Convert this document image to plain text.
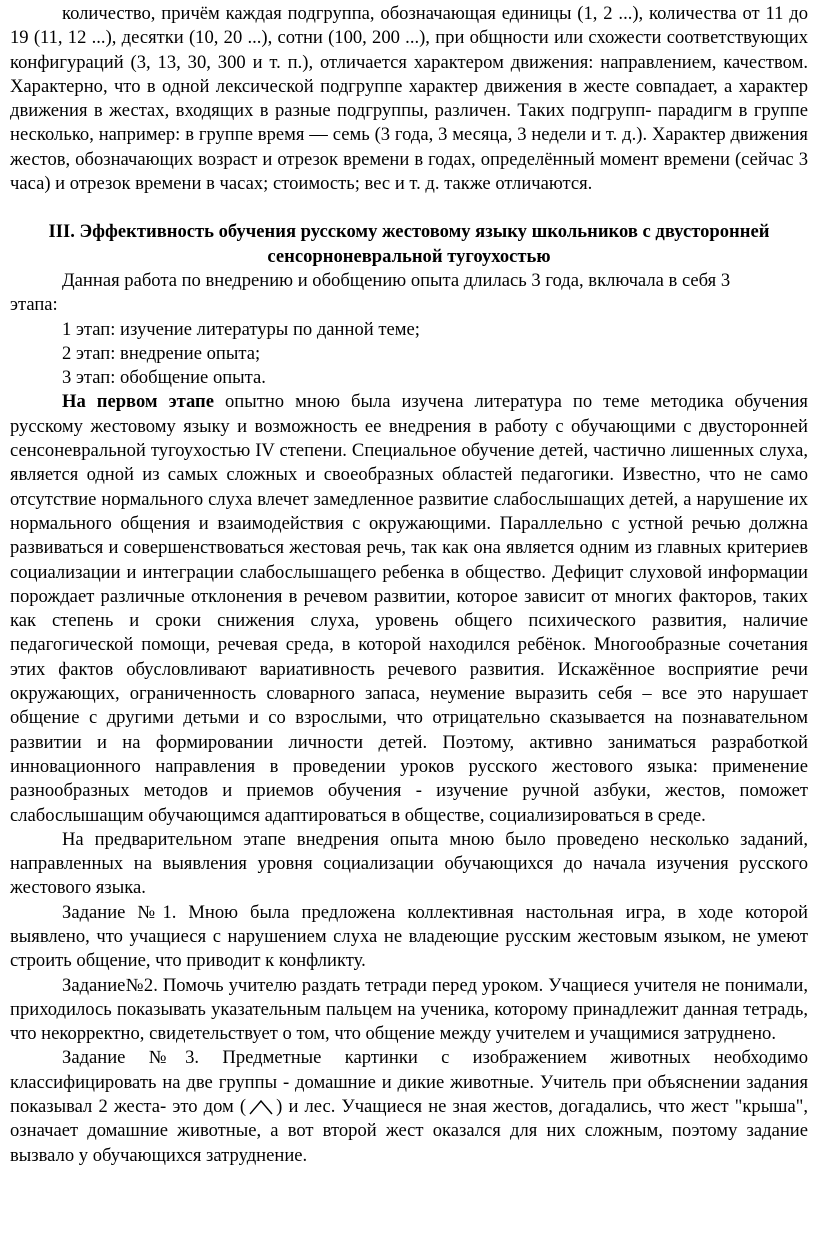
количество, причём каждая подгруппа, обозначающая единицы (1, 2 ...), количества от 11 до 19 (11, 12 ...), десятки (10, 20 ...), сотни (100, 200 ...), при общности или схожести соответствующих конфигураций (3, 13, 30, 300 и т. п.), отличается характером движения: направлением, качеством. Характерно, что в одной лексической подгруппе характер движения в жесте совпадает, а характер движения в жестах, входящих в разные подгруппы, различен. Таких подгрупп- парадигм в группе несколько, например: в группе время — семь (3 года, 3 месяца, 3 недели и т. д.). Характер движения жестов, обозначающих возраст и отрезок времени в годах, определённый момент времени (сейчас 3 часа) и отрезок времени в часах; стоимость; вес и т. д. также отличаются.

III. Эффективность обучения русскому жестовому языку школьников с двусторонней сенсорноневральной тугоухостью

Данная работа по внедрению и обобщению опыта длилась 3 года, включала в себя 3

этапа:

1 этап: изучение литературы по данной теме;

2 этап: внедрение опыта;

3 этап: обобщение опыта.

На первом этапе опытно мною была изучена литература по теме методика обучения русскому жестовому языку и возможность ее внедрения в работу с обучающими с двусторонней сенсоневральной тугоухостью IV степени. Специальное обучение детей, частично лишенных слуха, является одной из самых сложных и своеобразных областей педагогики. Известно, что не само отсутствие нормального слуха влечет замедленное развитие слабослышащих детей, а нарушение их нормального общения и взаимодействия с окружающими. Параллельно с устной речью должна развиваться и совершенствоваться жестовая речь, так как она является одним из главных критериев социализации и интеграции слабослышащего ребенка в общество. Дефицит слуховой информации порождает различные отклонения в речевом развитии, которое зависит от многих факторов, таких как степень и сроки снижения слуха, уровень общего психического развития, наличие педагогической помощи, речевая среда, в которой находился ребёнок. Многообразные сочетания этих фактов обусловливают вариативность речевого развития. Искажённое восприятие речи окружающих, ограниченность словарного запаса, неумение выразить себя – все это нарушает общение с другими детьми и со взрослыми, что отрицательно сказывается на познавательном развитии и на формировании личности детей. Поэтому, активно заниматься разработкой инновационного направления в проведении уроков русского жестового языка: применение разнообразных методов и приемов обучения - изучение ручной азбуки, жестов, поможет слабослышащим обучающимся адаптироваться в обществе, социализироваться в среде.

На предварительном этапе внедрения опыта мною было проведено несколько заданий, направленных на выявления уровня социализации обучающихся до начала изучения русского жестового языка.

Задание №1. Мною была предложена коллективная настольная игра, в ходе которой выявлено, что учащиеся с нарушением слуха не владеющие русским жестовым языком, не умеют строить общение, что приводит к конфликту.

Задание№2. Помочь учителю раздать тетради перед уроком. Учащиеся учителя не понимали, приходилось показывать указательным пальцем на ученика, которому принадлежит данная тетрадь, что некорректно, свидетельствует о том, что общение между учителем и учащимися затруднено.

Задание №3. Предметные картинки с изображением животных необходимо классифицировать на две группы - домашние и дикие животные. Учитель при объяснении задания показывал 2 жеста- это дом ( ) и лес. Учащиеся не зная жестов, догадались, что жест "крыша", означает домашние животные, а вот второй жест оказался для них сложным, поэтому задание вызвало у обучающихся затруднение.
